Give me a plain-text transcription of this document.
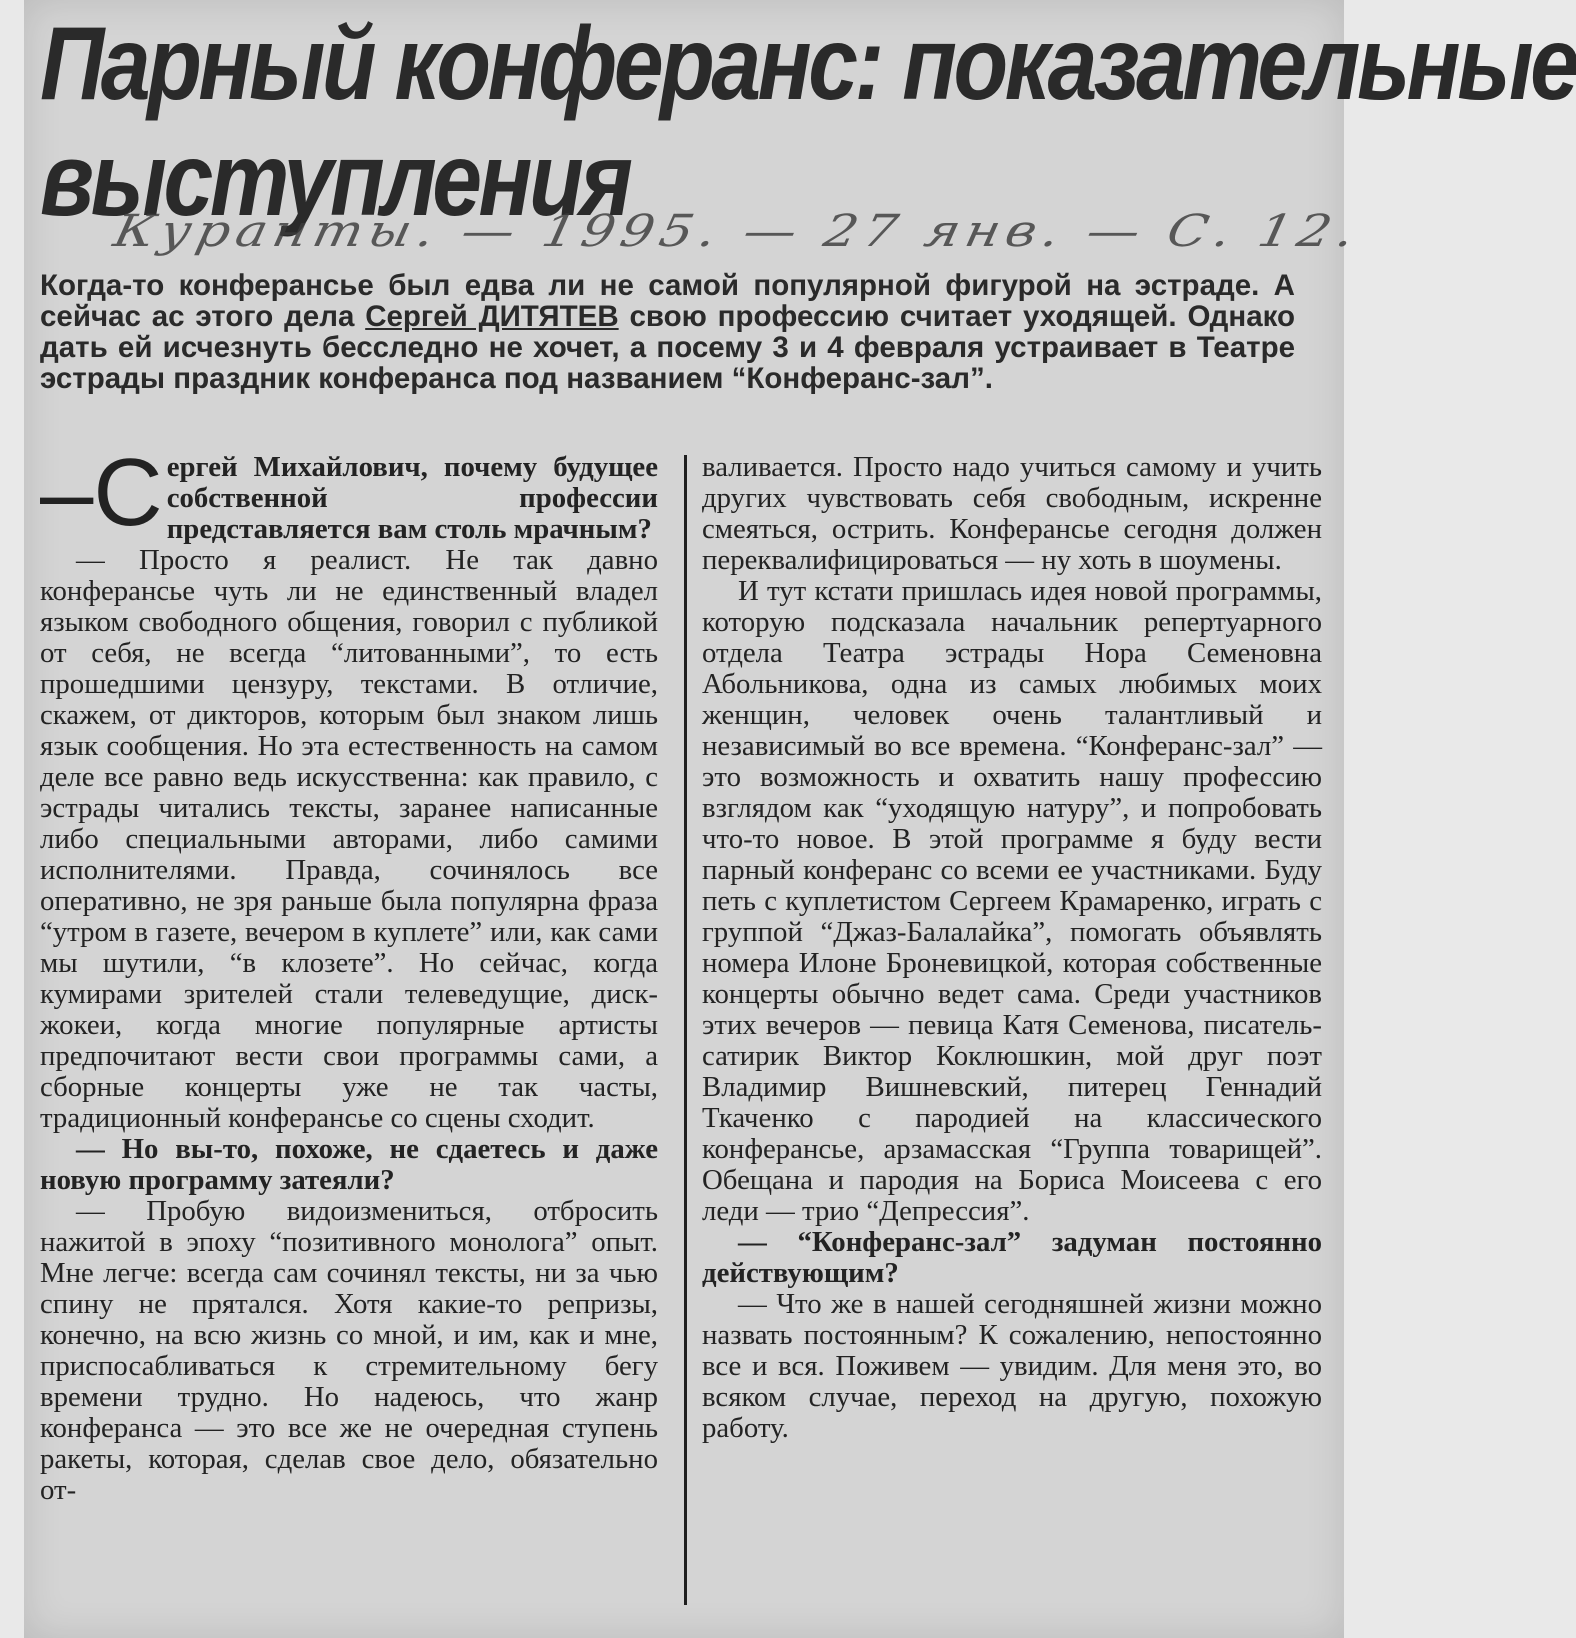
Парный конферанс: показательные
выступления
Куранты. — 1995. — 27 янв. — С. 12.

Когда-то конферансье был едва ли не самой популярной фигурой на эстраде. А сейчас ас этого дела Сергей ДИТЯТЕВ свою профессию считает уходящей. Однако дать ей исчезнуть бесследно не хочет, а посему 3 и 4 февраля устраивает в Театре эстрады праздник конферанса под названием “Конферанс-зал”.

–С ергей Михайлович, почему будущее собственной профессии представляется вам столь мрачным?

— Просто я реалист. Не так давно конферансье чуть ли не единственный владел языком свободного общения, говорил с публикой от себя, не всегда “литованными”, то есть прошедшими цензуру, текстами. В отличие, скажем, от дикторов, которым был знаком лишь язык сообщения. Но эта естественность на самом деле все равно ведь искусственна: как правило, с эстрады читались тексты, заранее написанные либо специальными авторами, либо самими исполнителями. Правда, сочинялось все оперативно, не зря раньше была популярна фраза “утром в газете, вечером в куплете” или, как сами мы шутили, “в клозете”. Но сейчас, когда кумирами зрителей стали телеведущие, диск-жокеи, когда многие популярные артисты предпочитают вести свои программы сами, а сборные концерты уже не так часты, традиционный конферансье со сцены сходит.

— Но вы-то, похоже, не сдаетесь и даже новую программу затеяли?

— Пробую видоизмениться, отбросить нажитой в эпоху “позитивного монолога” опыт. Мне легче: всегда сам сочинял тексты, ни за чью спину не прятался. Хотя какие-то репризы, конечно, на всю жизнь со мной, и им, как и мне, приспосабливаться к стремительному бегу времени трудно. Но надеюсь, что жанр конферанса — это все же не очередная ступень ракеты, которая, сделав свое дело, обязательно от-

валивается. Просто надо учиться самому и учить других чувствовать себя свободным, искренне смеяться, острить. Конферансье сегодня должен переквалифицироваться — ну хоть в шоумены.

И тут кстати пришлась идея новой программы, которую подсказала начальник репертуарного отдела Театра эстрады Нора Семеновна Абольникова, одна из самых любимых моих женщин, человек очень талантливый и независимый во все времена. “Конферанс-зал” — это возможность и охватить нашу профессию взглядом как “уходящую натуру”, и попробовать что-то новое. В этой программе я буду вести парный конферанс со всеми ее участниками. Буду петь с куплетистом Сергеем Крамаренко, играть с группой “Джаз-Балалайка”, помогать объявлять номера Илоне Броневицкой, которая собственные концерты обычно ведет сама. Среди участников этих вечеров — певица Катя Семенова, писатель-сатирик Виктор Коклюшкин, мой друг поэт Владимир Вишневский, питерец Геннадий Ткаченко с пародией на классического конферансье, арзамасская “Группа товарищей”. Обещана и пародия на Бориса Моисеева с его леди — трио “Депрессия”.

— “Конферанс-зал” задуман постоянно действующим?

— Что же в нашей сегодняшней жизни можно назвать постоянным? К сожалению, непостоянно все и вся. Поживем — увидим. Для меня это, во всяком случае, переход на другую, похожую работу.
